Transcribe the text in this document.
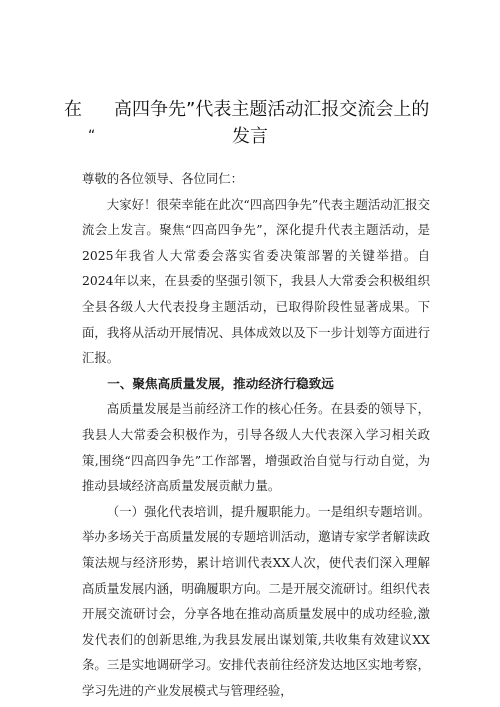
在 高四争先”代表主题活动汇报交流会上的
“	发言

尊敬的各位领导、各位同仁：

大家好！很荣幸能在此次“四高四争先”代表主题活动汇报交流会上发言。聚焦“四高四争先”，深化提升代表主题活动，是2025年我省人大常委会落实省委决策部署的关键举措。自2024年以来，在县委的坚强引领下，我县人大常委会积极组织全县各级人大代表投身主题活动，已取得阶段性显著成果。下面，我将从活动开展情况、具体成效以及下一步计划等方面进行汇报。

一、聚焦高质量发展，推动经济行稳致远

高质量发展是当前经济工作的核心任务。在县委的领导下，我县人大常委会积极作为，引导各级人大代表深入学习相关政策,围绕“四高四争先”工作部署，增强政治自觉与行动自觉，为推动县域经济高质量发展贡献力量。

（一）强化代表培训，提升履职能力。一是组织专题培训。举办多场关于高质量发展的专题培训活动，邀请专家学者解读政策法规与经济形势，累计培训代表XX人次，使代表们深入理解高质量发展内涵，明确履职方向。二是开展交流研讨。组织代表开展交流研讨会，分享各地在推动高质量发展中的成功经验,激发代表们的创新思维,为我县发展出谋划策,共收集有效建议XX条。三是实地调研学习。安排代表前往经济发达地区实地考察，学习先进的产业发展模式与管理经验，
